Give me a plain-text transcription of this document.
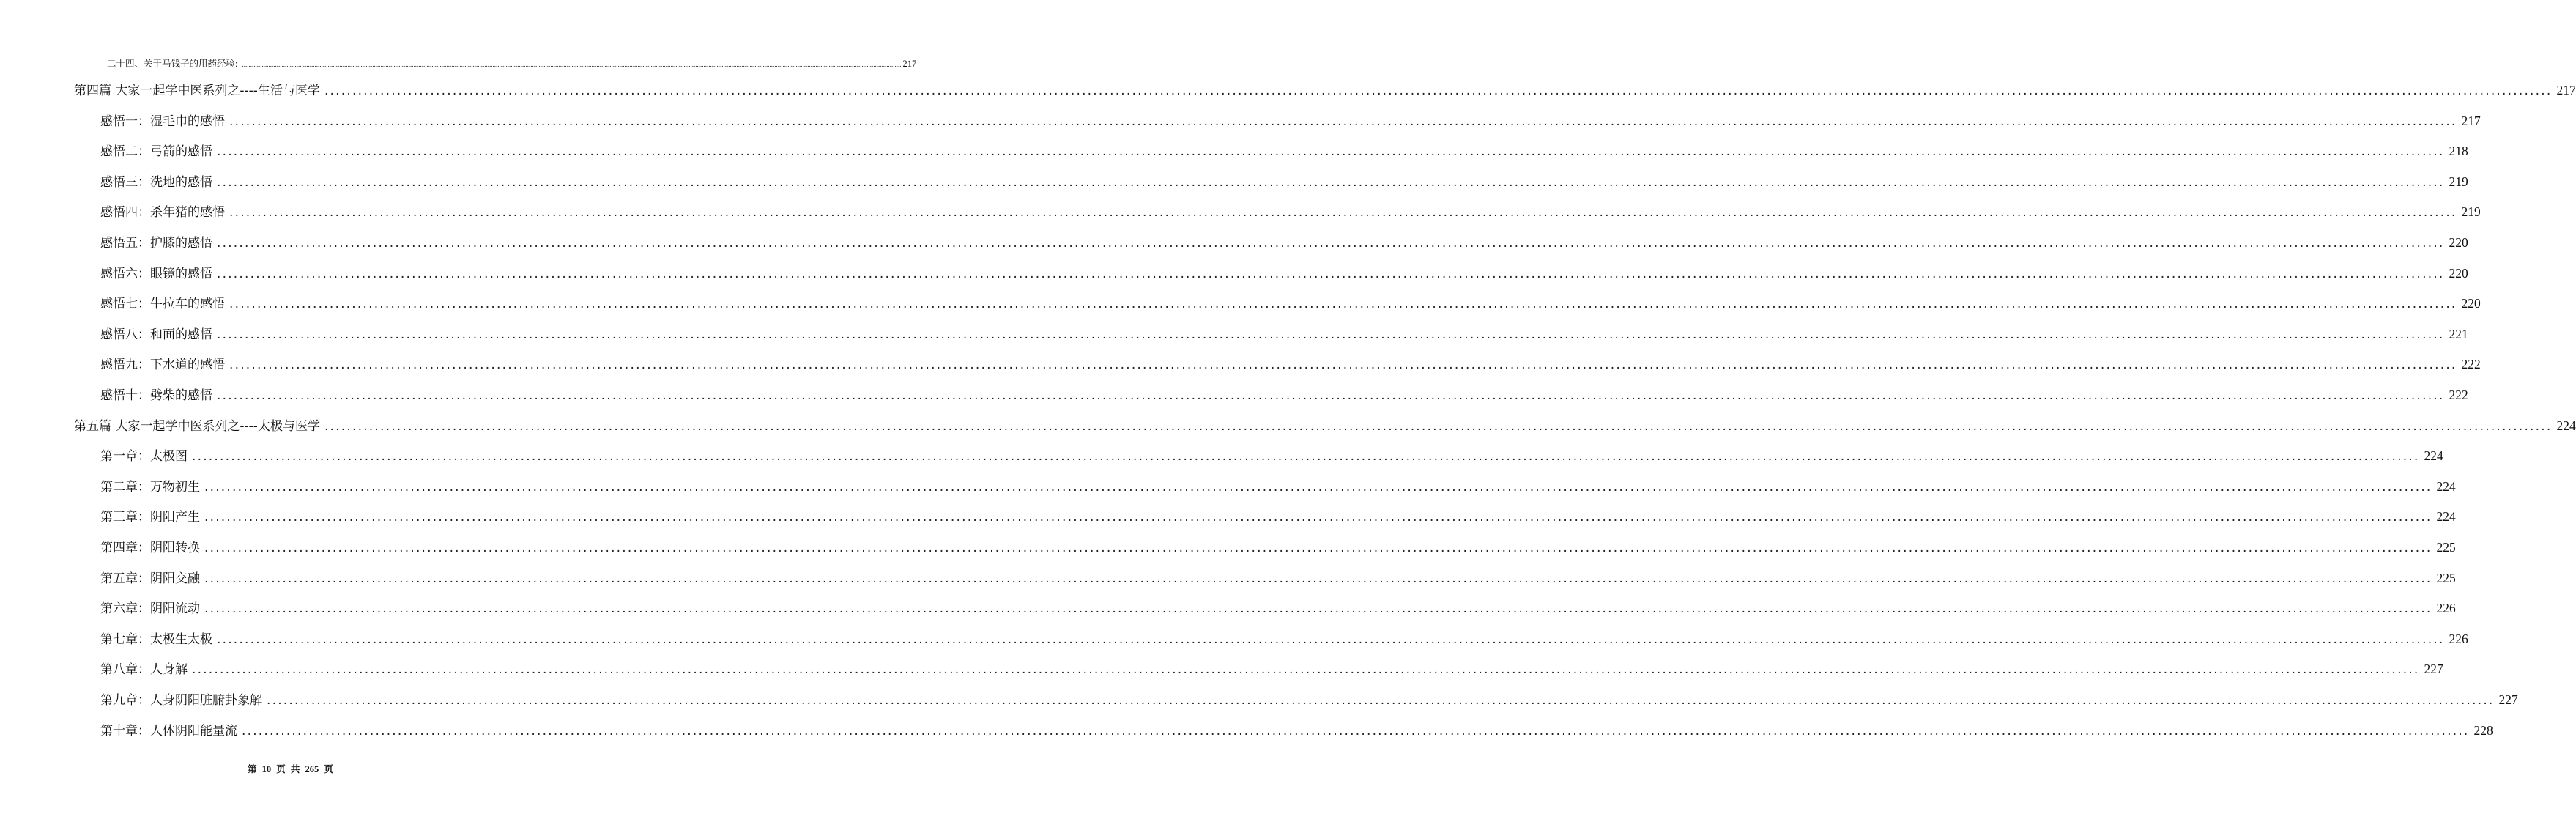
二十四、关于马钱子的用药经验: ................................................................................................................................................................................................................................................................................................................................................................................................................ 217
第四篇 大家一起学中医系列之----生活与医学 ................................................................................................................................................................................................................................................................................................................................................................................................................ 217
感悟一：湿毛巾的感悟 ................................................................................................................................................................................................................................................................................................................................................................................................................ 217
感悟二：弓箭的感悟 ................................................................................................................................................................................................................................................................................................................................................................................................................ 218
感悟三：洗地的感悟 ................................................................................................................................................................................................................................................................................................................................................................................................................ 219
感悟四：杀年猪的感悟 ................................................................................................................................................................................................................................................................................................................................................................................................................ 219
感悟五：护膝的感悟 ................................................................................................................................................................................................................................................................................................................................................................................................................ 220
感悟六：眼镜的感悟 ................................................................................................................................................................................................................................................................................................................................................................................................................ 220
感悟七：牛拉车的感悟 ................................................................................................................................................................................................................................................................................................................................................................................................................ 220
感悟八：和面的感悟 ................................................................................................................................................................................................................................................................................................................................................................................................................ 221
感悟九：下水道的感悟 ................................................................................................................................................................................................................................................................................................................................................................................................................ 222
感悟十：劈柴的感悟 ................................................................................................................................................................................................................................................................................................................................................................................................................ 222
第五篇 大家一起学中医系列之----太极与医学 ................................................................................................................................................................................................................................................................................................................................................................................................................ 224
第一章：太极图 ................................................................................................................................................................................................................................................................................................................................................................................................................ 224
第二章：万物初生 ................................................................................................................................................................................................................................................................................................................................................................................................................ 224
第三章：阴阳产生 ................................................................................................................................................................................................................................................................................................................................................................................................................ 224
第四章：阴阳转换 ................................................................................................................................................................................................................................................................................................................................................................................................................ 225
第五章：阴阳交融 ................................................................................................................................................................................................................................................................................................................................................................................................................ 225
第六章：阴阳流动 ................................................................................................................................................................................................................................................................................................................................................................................................................ 226
第七章：太极生太极 ................................................................................................................................................................................................................................................................................................................................................................................................................ 226
第八章：人身解 ................................................................................................................................................................................................................................................................................................................................................................................................................ 227
第九章：人身阴阳脏腑卦象解 ................................................................................................................................................................................................................................................................................................................................................................................................................ 227
第十章：人体阴阳能量流 ................................................................................................................................................................................................................................................................................................................................................................................................................ 228
第 10 页 共 265 页
